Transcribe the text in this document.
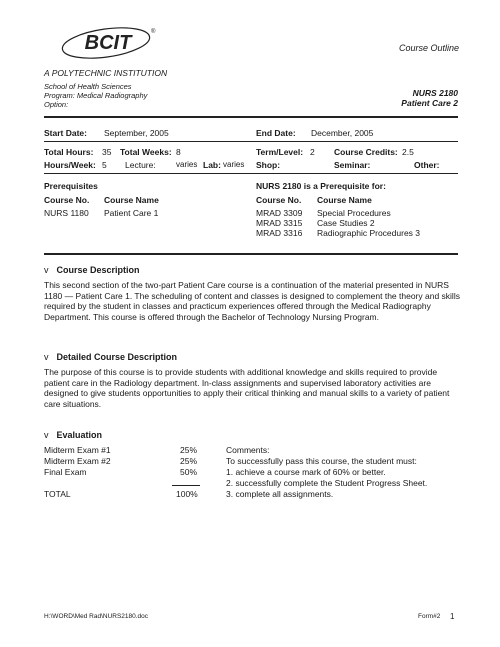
BCIT	®
A POLYTECHNIC INSTITUTION
School of Health Sciences
Program: Medical Radiography
Option:
Course Outline
NURS 2180
Patient Care 2
Start Date: September, 2005	End Date: December, 2005
Total Hours: 35 Total Weeks: 8	Term/Level: 2 Course Credits: 2.5
Hours/Week: 5 Lecture:	varies Lab: varies Shop:	Seminar:	Other:
Prerequisites
Course No. Course Name
NURS 1180 Patient Care 1
NURS 2180 is a Prerequisite for:
Course No. Course Name
MRAD 3309 Special Procedures
MRAD 3315 Case Studies 2
MRAD 3316 Radiographic Procedures 3
v Course Description
This second section of the two-part Patient Care course is a continuation of the material presented in NURS 1180 — Patient Care 1. The scheduling of content and classes is designed to complement the theory and skills required by the student in classes and practicum experiences offered through the Medical Radiography Department. This course is offered through the Bachelor of Technology Nursing Program.
v Detailed Course Description
The purpose of this course is to provide students with additional knowledge and skills required to provide patient care in the Radiology department. In-class assignments and supervised laboratory activities are designed to give students opportunities to apply their critical thinking and manual skills to a variety of patient care situations.
v Evaluation
Midterm Exam #1	25%
Midterm Exam #2	25%
Final Exam	50%
TOTAL	100%
Comments:
To successfully pass this course, the student must:
1. achieve a course mark of 60% or better.
2. successfully complete the Student Progress Sheet.
3. complete all assignments.
H:\WORD\Med Rad\NURS2180.doc	Form#2 1
